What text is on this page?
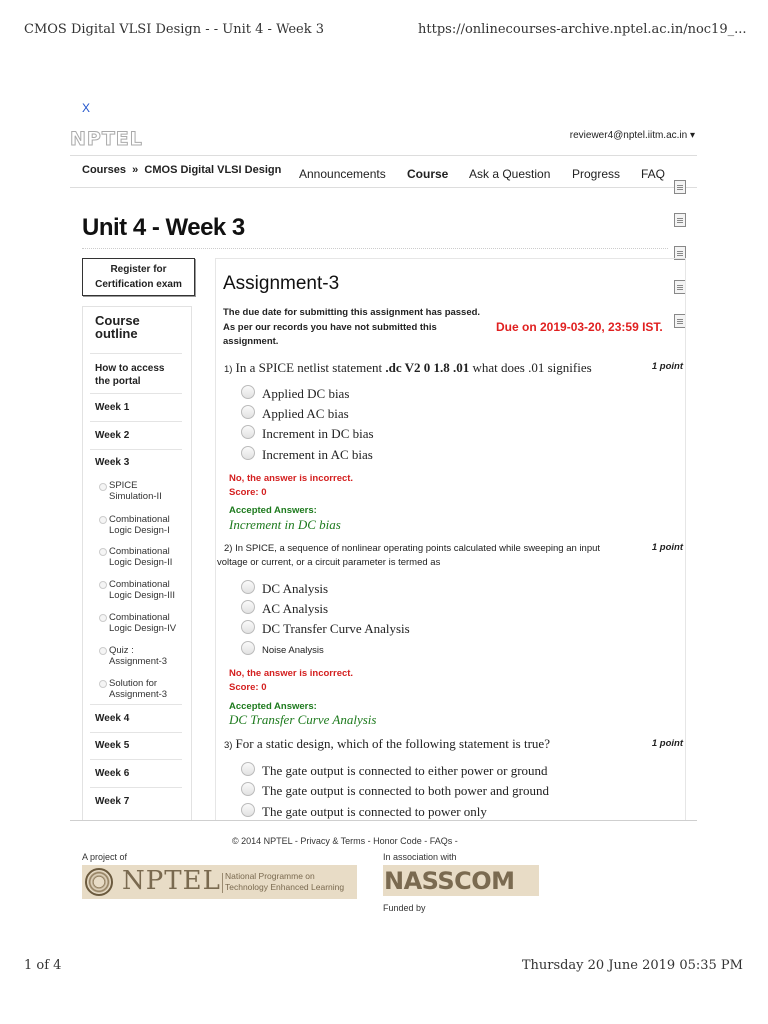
CMOS Digital VLSI Design - - Unit 4 - Week 3	https://onlinecourses-archive.nptel.ac.in/noc19_...
X
NPTEL	reviewer4@nptel.iitm.ac.in ▾
Courses » CMOS Digital VLSI Design Announcements Course Ask a Question Progress FAQ
Unit 4 - Week 3
Register for
Certification exam
Course
outline
How to access
the portal
Week 1
Week 2
Week 3
SPICE
Simulation-II
Combinational
Logic Design-I
Combinational
Logic Design-II
Combinational
Logic Design-III
Combinational
Logic Design-IV
Quiz :
Assignment-3
Solution for
Assignment-3
Week 4
Week 5
Week 6
Week 7
Assignment-3
The due date for submitting this assignment has passed.
As per our records you have not submitted this
assignment.
Due on 2019-03-20, 23:59 IST.
1) In a SPICE netlist statement .dc V2 0 1.8 .01 what does .01 signifies	1 point
Applied DC bias
Applied AC bias
Increment in DC bias
Increment in AC bias
No, the answer is incorrect.
Score: 0
Accepted Answers:
Increment in DC bias
2) In SPICE, a sequence of nonlinear operating points calculated while sweeping an input
voltage or current, or a circuit parameter is termed as
1 point
DC Analysis
AC Analysis
DC Transfer Curve Analysis
Noise Analysis
No, the answer is incorrect.
Score: 0
Accepted Answers:
DC Transfer Curve Analysis
3) For a static design, which of the following statement is true?	1 point
The gate output is connected to either power or ground
The gate output is connected to both power and ground
The gate output is connected to power only
© 2014 NPTEL - Privacy & Terms - Honor Code - FAQs -
A project of
NPTEL National Programme on
Technology Enhanced Learning
In association with
NASSCOM
Funded by
1 of 4	Thursday 20 June 2019 05:35 PM
